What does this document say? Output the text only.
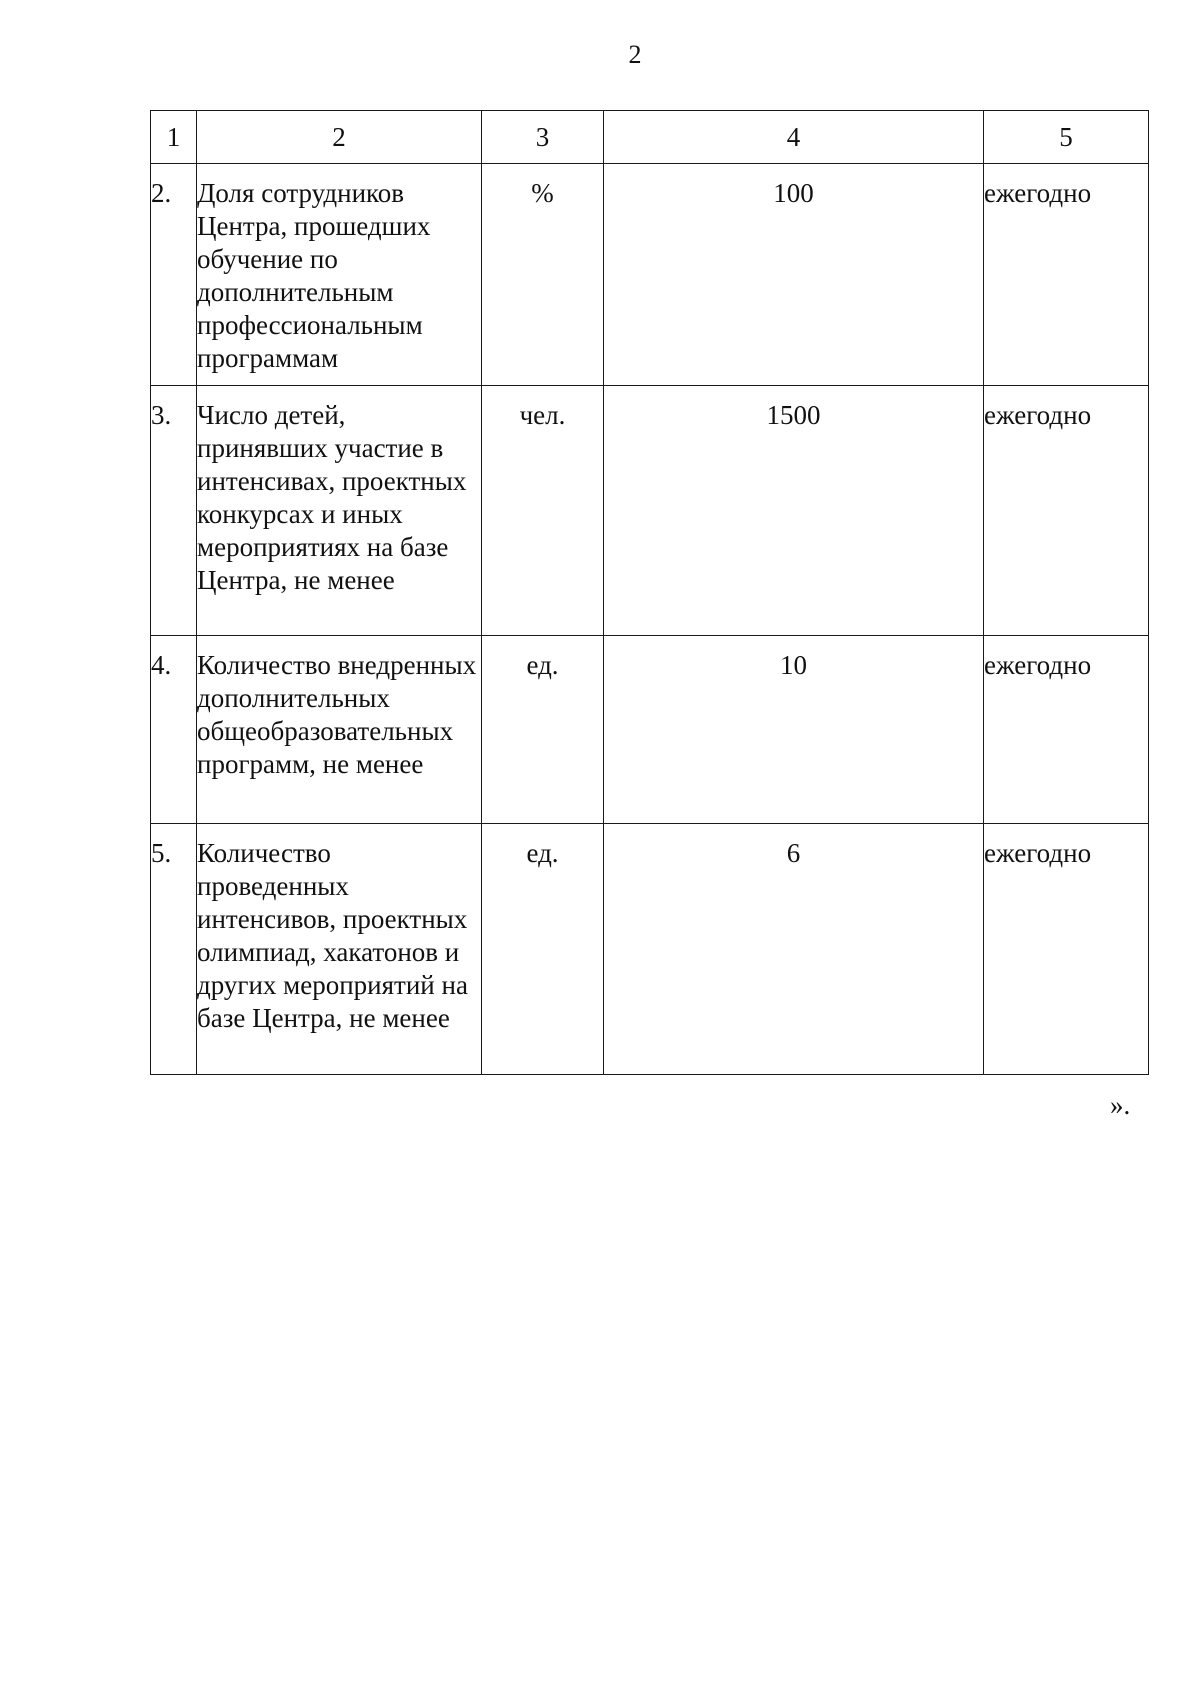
2
1	2	3	4	5
2.	Доля сотрудников Центра, прошедших обучение по дополнительным профессиональным программам	%	100	ежегодно
3.	Число детей, принявших участие в интенсивах, проектных конкурсах и иных мероприятиях на базе Центра, не менее	чел.	1500	ежегодно
4.	Количество внедренных дополнительных общеобразовательных программ, не менее	ед.	10	ежегодно
5.	Количество проведенных интенсивов, проектных олимпиад, хакатонов и других мероприятий на базе Центра, не менее	ед.	6	ежегодно
».
